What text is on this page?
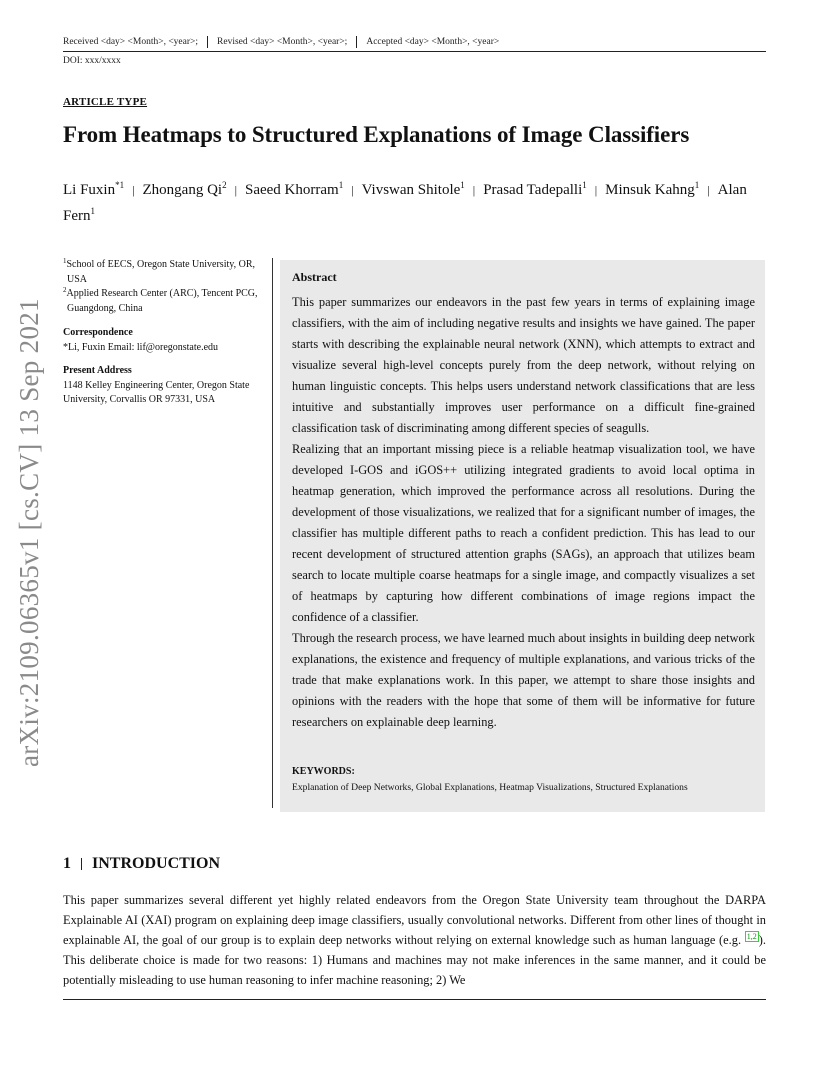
Received <day> <Month>, <year>; Revised <day> <Month>, <year>; Accepted <day> <Month>, <year>
DOI: xxx/xxxx
ARTICLE TYPE
From Heatmaps to Structured Explanations of Image Classifiers
Li Fuxin$^{*1}$ | Zhongang Qi$^2$ | Saeed Khorram$^1$ | Vivswan Shitole$^1$ | Prasad Tadepalli$^1$ | Minsuk Kahng$^1$ | Alan Fern$^1$
arXiv:2109.06365v1 [cs.CV] 13 Sep 2021
$^1$School of EECS, Oregon State University, OR, USA
$^2$Applied Research Center (ARC), Tencent PCG, Guangdong, China
Correspondence
*Li, Fuxin Email: lif@oregonstate.edu
Present Address
1148 Kelley Engineering Center, Oregon State University, Corvallis OR 97331, USA
Abstract

This paper summarizes our endeavors in the past few years in terms of explaining image classifiers, with the aim of including negative results and insights we have gained. The paper starts with describing the explainable neural network (XNN), which attempts to extract and visualize several high-level concepts purely from the deep network, without relying on human linguistic concepts. This helps users understand network classifications that are less intuitive and substantially improves user performance on a difficult fine-grained classification task of discriminating among different species of seagulls.

Realizing that an important missing piece is a reliable heatmap visualization tool, we have developed I-GOS and iGOS++ utilizing integrated gradients to avoid local optima in heatmap generation, which improved the performance across all resolutions. During the development of those visualizations, we realized that for a significant number of images, the classifier has multiple different paths to reach a confident prediction. This has lead to our recent development of structured attention graphs (SAGs), an approach that utilizes beam search to locate multiple coarse heatmaps for a single image, and compactly visualizes a set of heatmaps by capturing how different combinations of image regions impact the confidence of a classifier.

Through the research process, we have learned much about insights in building deep network explanations, the existence and frequency of multiple explanations, and various tricks of the trade that make explanations work. In this paper, we attempt to share those insights and opinions with the readers with the hope that some of them will be informative for future researchers on explainable deep learning.

KEYWORDS:
Explanation of Deep Networks, Global Explanations, Heatmap Visualizations, Structured Explanations
1 INTRODUCTION
This paper summarizes several different yet highly related endeavors from the Oregon State University team throughout the DARPA Explainable AI (XAI) program on explaining deep image classifiers, usually convolutional networks. Different from other lines of thought in explainable AI, the goal of our group is to explain deep networks without relying on external knowledge such as human language (e.g. 1,2 ). This deliberate choice is made for two reasons: 1) Humans and machines may not make inferences in the same manner, and it could be potentially misleading to use human reasoning to infer machine reasoning; 2) We
